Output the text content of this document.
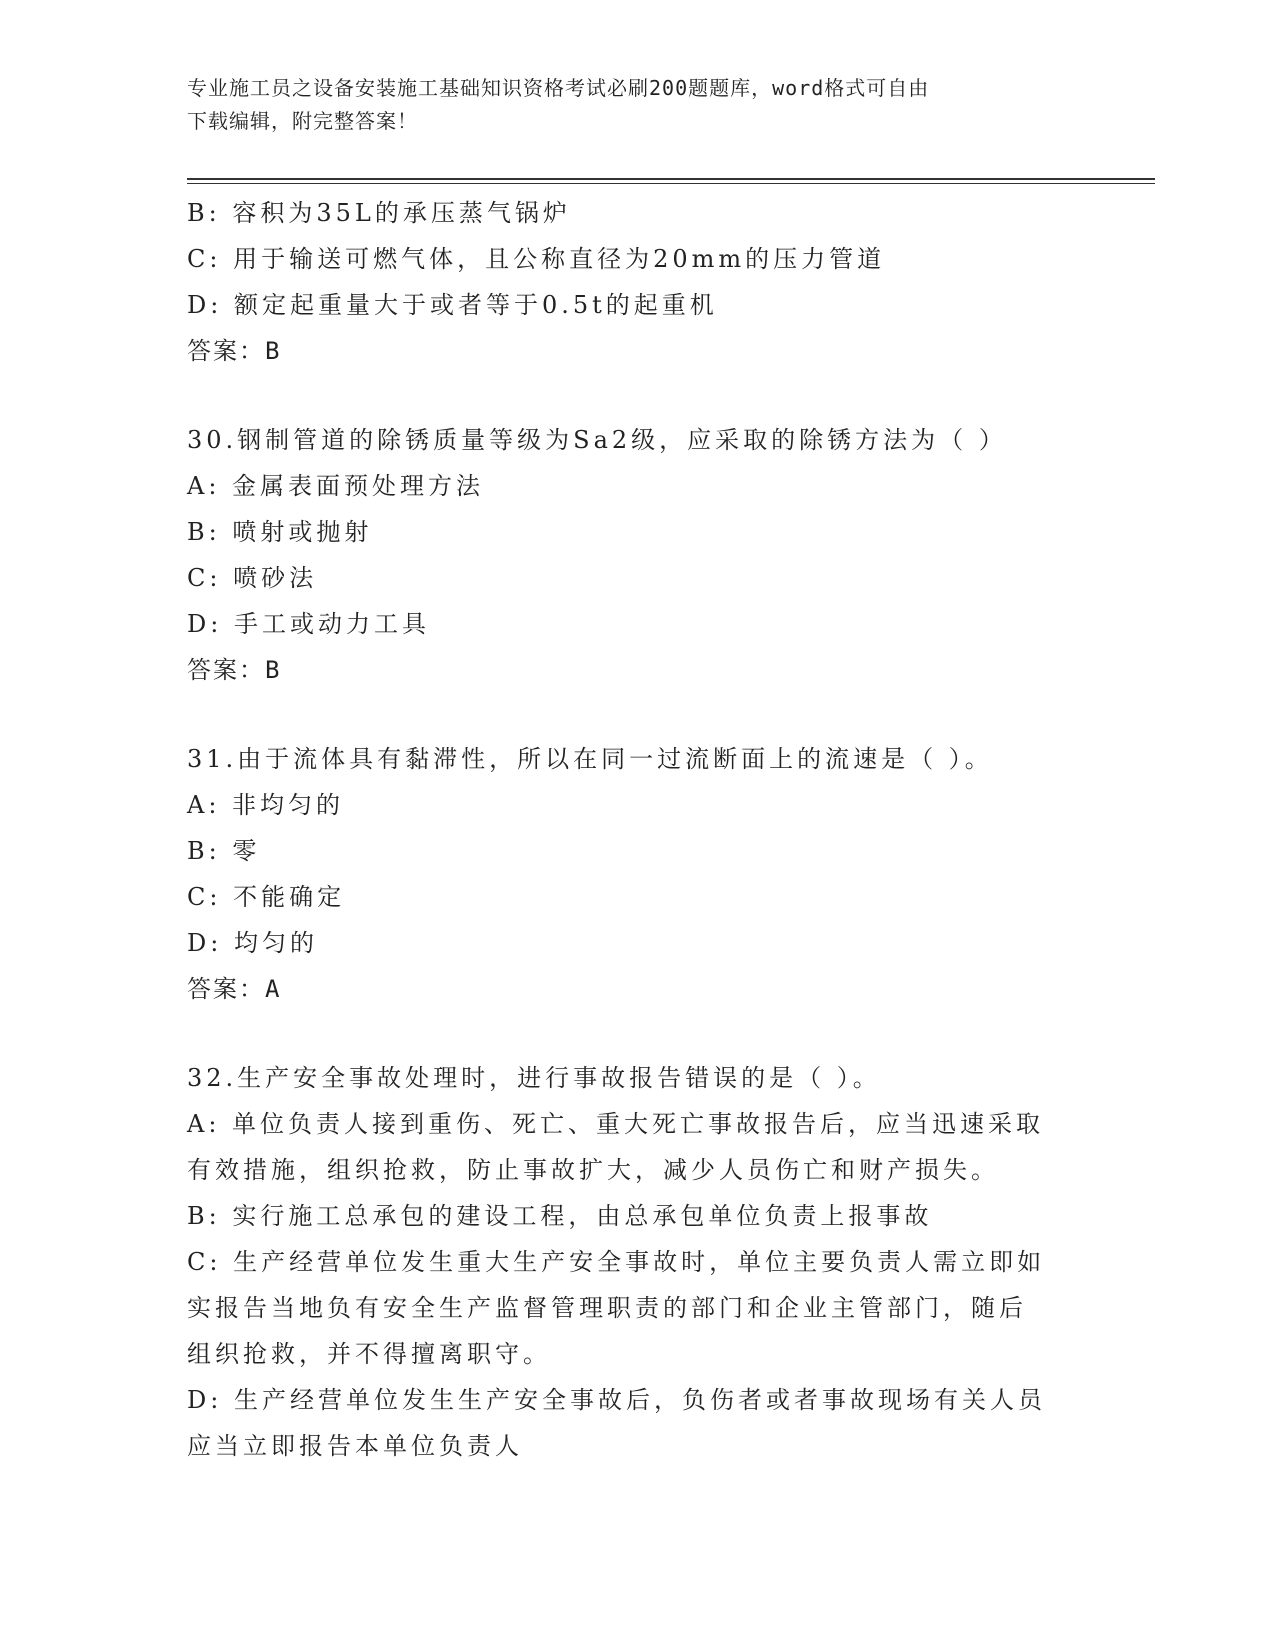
专业施工员之设备安装施工基础知识资格考试必刷200题题库，word格式可自由
下载编辑，附完整答案！
B: 容积为35L的承压蒸气锅炉
C: 用于输送可燃气体，且公称直径为20mm的压力管道
D: 额定起重量大于或者等于0.5t的起重机
答案：B
30.钢制管道的除锈质量等级为Sa2级，应采取的除锈方法为（ ）
A: 金属表面预处理方法
B: 喷射或抛射
C: 喷砂法
D: 手工或动力工具
答案：B
31.由于流体具有黏滞性，所以在同一过流断面上的流速是（ ）。
A: 非均匀的
B: 零
C: 不能确定
D: 均匀的
答案：A
32.生产安全事故处理时，进行事故报告错误的是（ ）。
A: 单位负责人接到重伤、死亡、重大死亡事故报告后，应当迅速采取
有效措施，组织抢救，防止事故扩大，减少人员伤亡和财产损失。
B: 实行施工总承包的建设工程，由总承包单位负责上报事故
C: 生产经营单位发生重大生产安全事故时，单位主要负责人需立即如
实报告当地负有安全生产监督管理职责的部门和企业主管部门，随后
组织抢救，并不得擅离职守。
D: 生产经营单位发生生产安全事故后，负伤者或者事故现场有关人员
应当立即报告本单位负责人
